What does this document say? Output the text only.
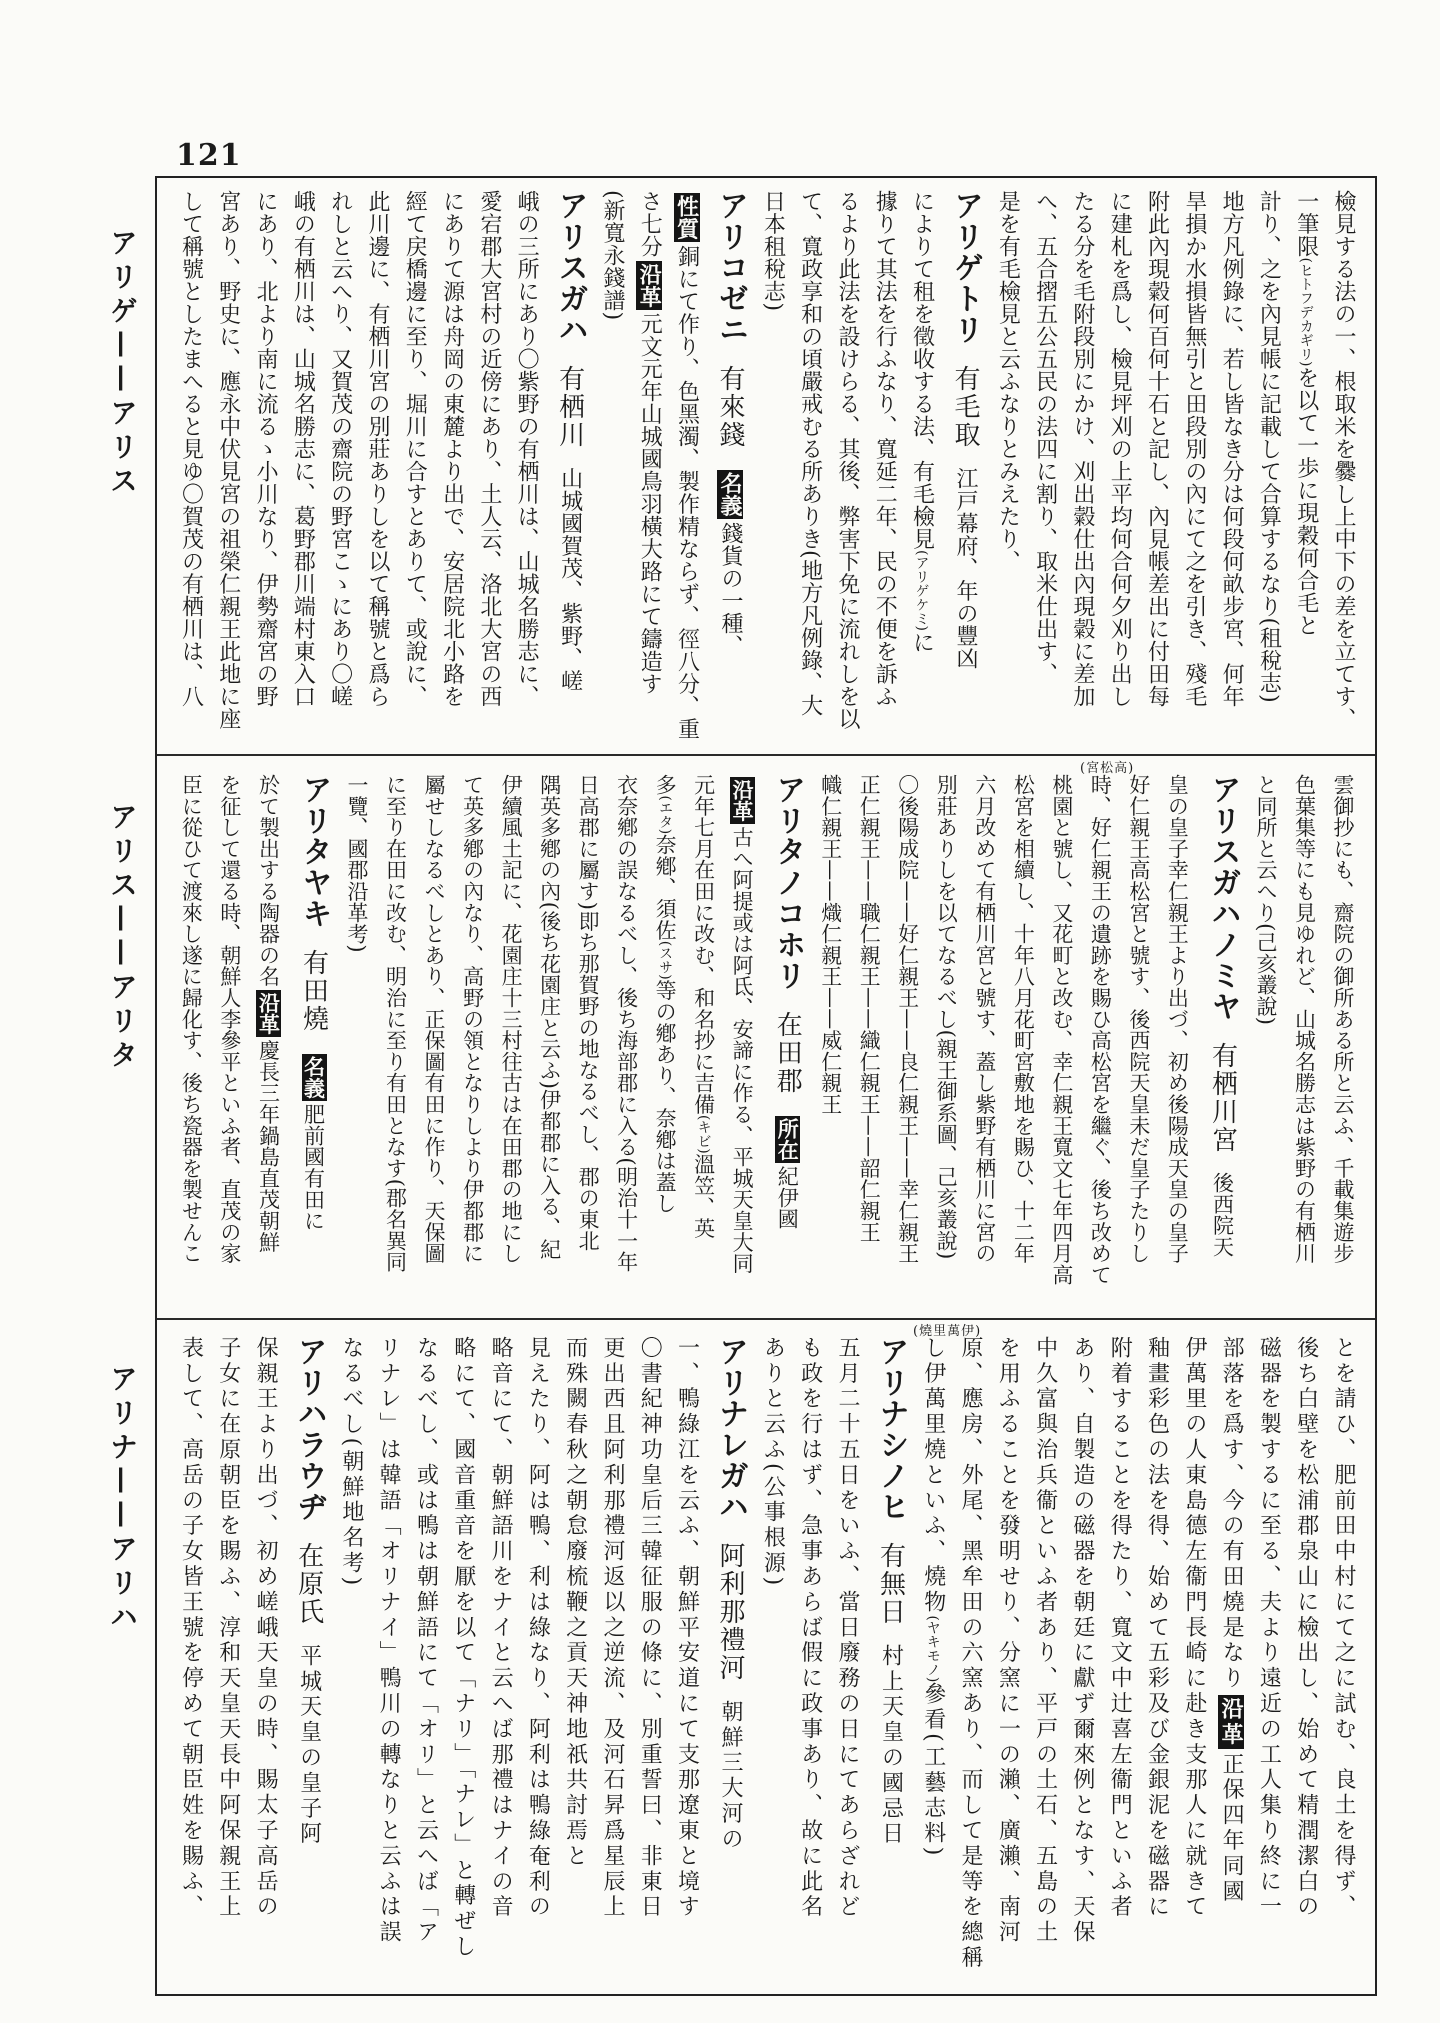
121
アリゲ——アリス
アリス——アリタ
アリナ——アリハ
檢見する法の一、根取米を爨し上中下の差を立てす、
一筆限(ヒトフデカギリ)を以て一歩に現穀何合毛と
計り、之を內見帳に記載して合算するなり(租稅志)
地方凡例錄に、若し皆なき分は何段何畝步宮、何年
旱損か水損皆無引と田段別の內にて之を引き、殘毛
附此內現糓何百何十石と記し、內見帳差出に付田每
に建札を爲し、檢見坪刈の上平均何合何夕刈り出し
たる分を毛附段別にかけ、刈出糓仕出內現糓に差加
へ、五合摺五公五民の法四に割り、取米仕出す、
是を有毛檢見と云ふなりとみえたり、
アリゲトリ有毛取江戸幕府、年の豐凶
によりて租を徵收する法、有毛檢見(アリゲケミ)に
據りて其法を行ふなり、寬延二年、民の不便を訴ふ
るより此法を設けらる、其後、弊害下免に流れしを以
て、寬政享和の頃嚴戒むる所ありき(地方凡例錄、大
日本租稅志)
アリコゼニ有來錢名義錢貨の一種、
性質銅にて作り、色黑濁、製作精ならず、徑八分、重
さ七分沿革元文元年山城國鳥羽橫大路にて鑄造す
(新寬永錢譜)
アリスガハ有栖川山城國賀茂、紫野、嵯
峨の三所にあり〇紫野の有栖川は、山城名勝志に、
愛宕郡大宮村の近傍にあり、土人云、洛北大宮の西
にありて源は舟岡の東麓より出で、安居院北小路を
經て戻橋邊に至り、堀川に合すとありて、或說に、
此川邊に、有栖川宮の別莊ありしを以て稱號と爲ら
れしと云へり、又賀茂の齋院の野宮こゝにあり〇嵯
峨の有栖川は、山城名勝志に、葛野郡川端村東入口
にあり、北より南に流るゝ小川なり、伊勢齋宮の野
宮あり、野史に、應永中伏見宮の祖榮仁親王此地に座
して稱號としたまへると見ゆ〇賀茂の有栖川は、八
(宮松高)
雲御抄にも、齋院の御所ある所と云ふ、千載集遊步
色葉集等にも見ゆれど、山城名勝志は紫野の有栖川
と同所と云へり(己亥叢說)
アリスガハノミヤ有栖川宮後西院天
皇の皇子幸仁親王より出づ、初め後陽成天皇の皇子
好仁親王高松宮と號す、後西院天皇未だ皇子たりし
時、好仁親王の遺跡を賜ひ高松宮を繼ぐ、後ち改めて
桃園と號し、又花町と改む、幸仁親王寬文七年四月高
松宮を相續し、十年八月花町宮敷地を賜ひ、十二年
六月改めて有栖川宮と號す、蓋し紫野有栖川に宮の
別莊ありしを以てなるべし(親王御系圖、己亥叢說)
〇後陽成院——好仁親王——良仁親王——幸仁親王
正仁親王——職仁親王——織仁親王——韶仁親王
幟仁親王——熾仁親王——威仁親王
アリタノコホリ在田郡所在紀伊國
沿革古へ阿提或は阿氐、安諦に作る、平城天皇大同
元年七月在田に改む、和名抄に吉備(キビ)溫笠、英
多(エタ)奈鄕、須佐(スサ)等の鄕あり、奈鄕は蓋し
衣奈鄕の誤なるべし、後ち海部郡に入る(明治十一年
日高郡に屬す)即ち那賀野の地なるべし、郡の東北
隅英多鄕の內(後ち花園庄と云ふ)伊都郡に入る、紀
伊續風土記に、花園庄十三村往古は在田郡の地にし
て英多鄕の內なり、高野の領となりしより伊都郡に
屬せしなるべしとあり、正保圖有田に作り、天保圖
に至り在田に改む、明治に至り有田となす(郡名異同
一覽、國郡沿革考)
アリタヤキ有田燒名義肥前國有田に
於て製出する陶器の名沿革慶長三年鍋島直茂朝鮮
を征して還る時、朝鮮人李參平といふ者、直茂の家
臣に從ひて渡來し遂に歸化す、後ち瓷器を製せんこ
(燒里萬伊)
とを請ひ、肥前田中村にて之に試む、良土を得ず、
後ち白壁を松浦郡泉山に檢出し、始めて精潤潔白の
磁器を製するに至る、夫より遠近の工人集り終に一
部落を爲す、今の有田燒是なり沿革正保四年同國
伊萬里の人東島德左衞門長崎に赴き支那人に就きて
釉畫彩色の法を得、始めて五彩及び金銀泥を磁器に
附着することを得たり、寬文中辻喜左衞門といふ者
あり、自製造の磁器を朝廷に獻ず爾來例となす、天保
中久富與治兵衞といふ者あり、平戸の土石、五島の土
を用ふることを發明せり、分窯に一の瀨、廣瀨、南河
原、應房、外尾、黑牟田の六窯あり、而して是等を總稱
し伊萬里燒といふ、燒物(ヤキモノ)參看(工藝志料)
アリナシノヒ有無日村上天皇の國忌日
五月二十五日をいふ、當日廢務の日にてあらざれど
も政を行はず、急事あらば假に政事あり、故に此名
ありと云ふ(公事根源)
アリナレガハ阿利那禮河朝鮮三大河の
一、鴨綠江を云ふ、朝鮮平安道にて支那遼東と境す
〇書紀神功皇后三韓征服の條に、別重誓曰、非東日
更出西且阿利那禮河返以之逆流、及河石昇爲星辰上
而殊闕春秋之朝怠廢梳鞭之貢天神地祇共討焉と
見えたり、阿は鴨、利は綠なり、阿利は鴨綠奄利の
略音にて、朝鮮語川をナイと云へば那禮はナイの音
略にて、國音重音を厭を以て「ナリ」「ナレ」と轉ぜし
なるべし、或は鴨は朝鮮語にて「オリ」と云へば「ア
リナレ」は韓語「オリナイ」鴨川の轉なりと云ふは誤
なるべし(朝鮮地名考)
アリハラウヂ在原氏平城天皇の皇子阿
保親王より出づ、初め嵯峨天皇の時、賜太子高岳の
子女に在原朝臣を賜ふ、淳和天皇天長中阿保親王上
表して、高岳の子女皆王號を停めて朝臣姓を賜ふ、
